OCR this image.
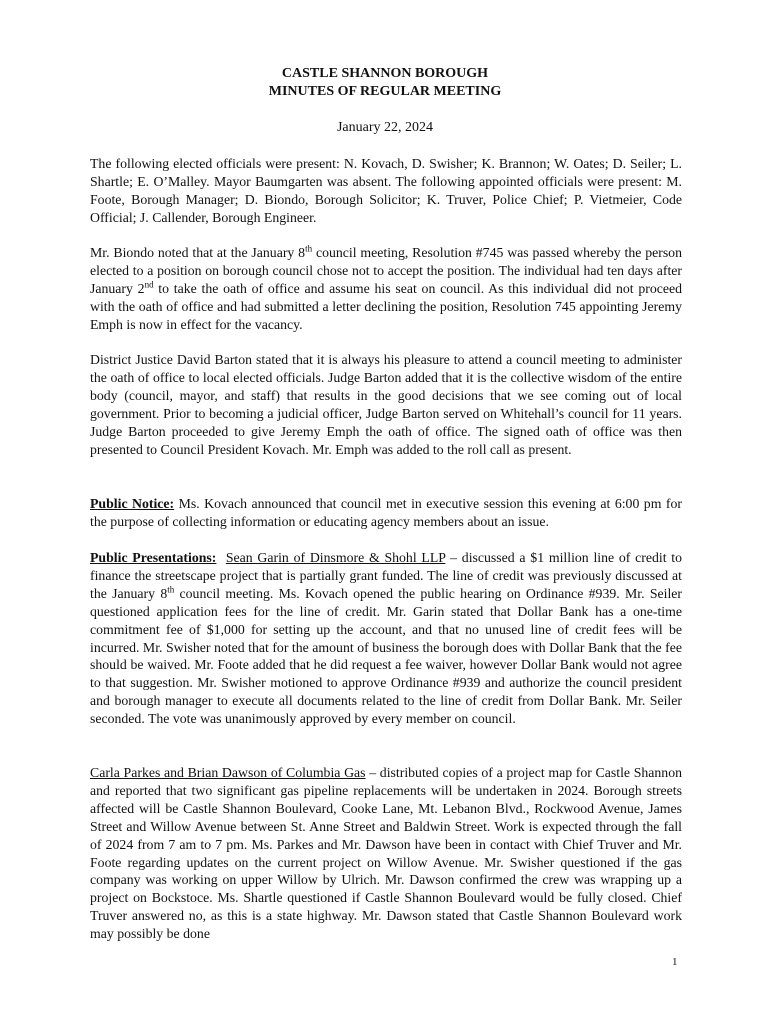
CASTLE SHANNON BOROUGH
MINUTES OF REGULAR MEETING
January 22, 2024

The following elected officials were present: N. Kovach, D. Swisher; K. Brannon; W. Oates; D. Seiler; L. Shartle; E. O’Malley. Mayor Baumgarten was absent. The following appointed officials were present: M. Foote, Borough Manager; D. Biondo, Borough Solicitor; K. Truver, Police Chief; P. Vietmeier, Code Official; J. Callender, Borough Engineer.

Mr. Biondo noted that at the January 8th council meeting, Resolution #745 was passed whereby the person elected to a position on borough council chose not to accept the position. The individual had ten days after January 2nd to take the oath of office and assume his seat on council. As this individual did not proceed with the oath of office and had submitted a letter declining the position, Resolution 745 appointing Jeremy Emph is now in effect for the vacancy.

District Justice David Barton stated that it is always his pleasure to attend a council meeting to administer the oath of office to local elected officials. Judge Barton added that it is the collective wisdom of the entire body (council, mayor, and staff) that results in the good decisions that we see coming out of local government. Prior to becoming a judicial officer, Judge Barton served on Whitehall’s council for 11 years. Judge Barton proceeded to give Jeremy Emph the oath of office. The signed oath of office was then presented to Council President Kovach. Mr. Emph was added to the roll call as present.

Public Notice: Ms. Kovach announced that council met in executive session this evening at 6:00 pm for the purpose of collecting information or educating agency members about an issue.

Public Presentations: Sean Garin of Dinsmore & Shohl LLP – discussed a $1 million line of credit to finance the streetscape project that is partially grant funded. The line of credit was previously discussed at the January 8th council meeting. Ms. Kovach opened the public hearing on Ordinance #939. Mr. Seiler questioned application fees for the line of credit. Mr. Garin stated that Dollar Bank has a one-time commitment fee of $1,000 for setting up the account, and that no unused line of credit fees will be incurred. Mr. Swisher noted that for the amount of business the borough does with Dollar Bank that the fee should be waived. Mr. Foote added that he did request a fee waiver, however Dollar Bank would not agree to that suggestion. Mr. Swisher motioned to approve Ordinance #939 and authorize the council president and borough manager to execute all documents related to the line of credit from Dollar Bank. Mr. Seiler seconded. The vote was unanimously approved by every member on council.

Carla Parkes and Brian Dawson of Columbia Gas – distributed copies of a project map for Castle Shannon and reported that two significant gas pipeline replacements will be undertaken in 2024. Borough streets affected will be Castle Shannon Boulevard, Cooke Lane, Mt. Lebanon Blvd., Rockwood Avenue, James Street and Willow Avenue between St. Anne Street and Baldwin Street. Work is expected through the fall of 2024 from 7 am to 7 pm. Ms. Parkes and Mr. Dawson have been in contact with Chief Truver and Mr. Foote regarding updates on the current project on Willow Avenue. Mr. Swisher questioned if the gas company was working on upper Willow by Ulrich. Mr. Dawson confirmed the crew was wrapping up a project on Bockstoce. Ms. Shartle questioned if Castle Shannon Boulevard would be fully closed. Chief Truver answered no, as this is a state highway. Mr. Dawson stated that Castle Shannon Boulevard work may possibly be done

1
